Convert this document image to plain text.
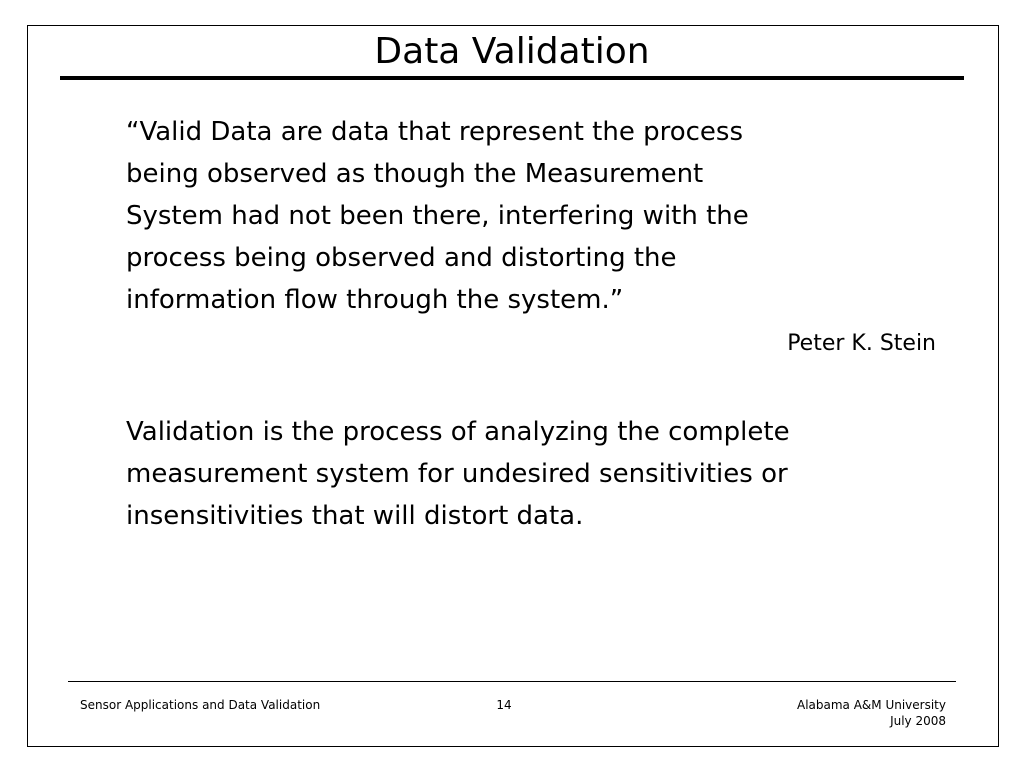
Data Validation
“Valid Data are data that represent the process
being observed as though the Measurement
System had not been there, interfering with the
process being observed and distorting the
information flow through the system.”
Peter K. Stein
Validation is the process of analyzing the complete
measurement system for undesired sensitivities or
insensitivities that will distort data.
Sensor Applications and Data Validation	14	Alabama A&M University
July 2008
